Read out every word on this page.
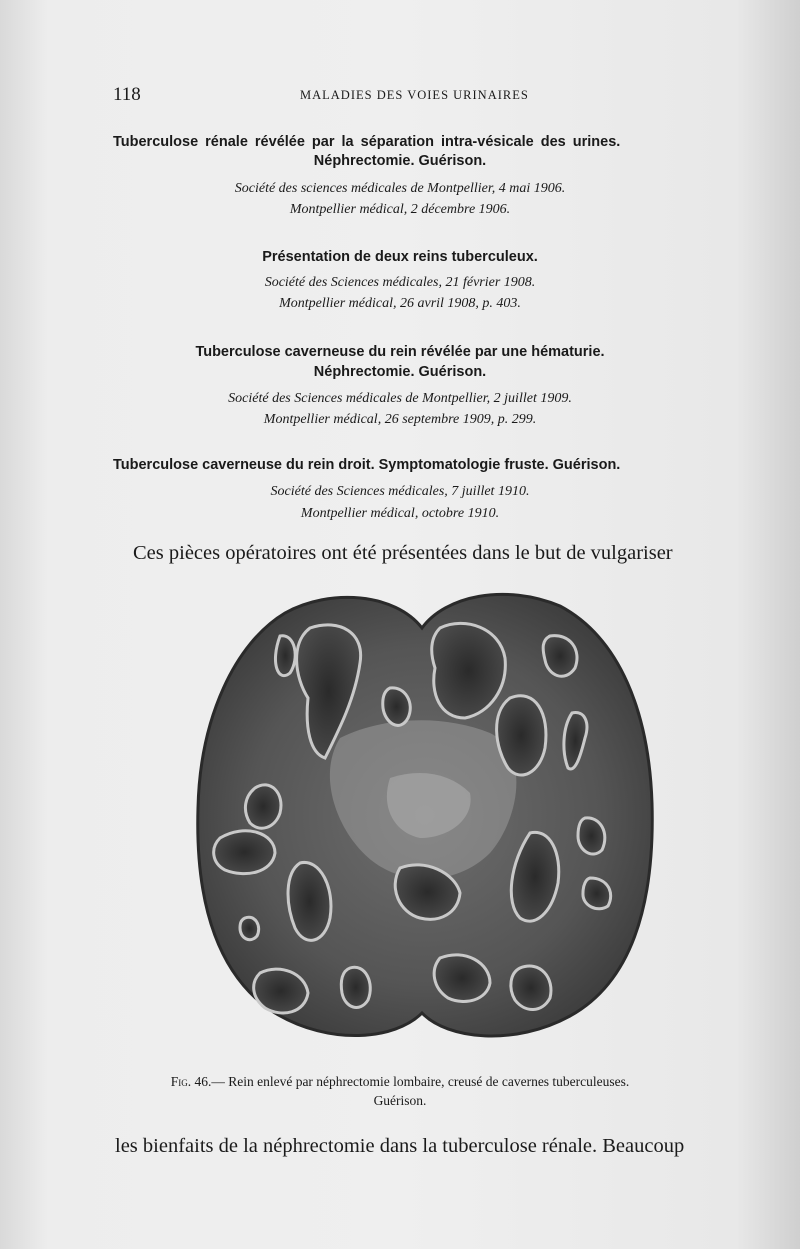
118	MALADIES DES VOIES URINAIRES
Tuberculose rénale révélée par la séparation intra-vésicale des urines.
Néphrectomie. Guérison.
Société des sciences médicales de Montpellier, 4 mai 1906.
Montpellier médical, 2 décembre 1906.
Présentation de deux reins tuberculeux.
Société des Sciences médicales, 21 février 1908.
Montpellier médical, 26 avril 1908, p. 403.
Tuberculose caverneuse du rein révélée par une hématurie.
Néphrectomie. Guérison.
Société des Sciences médicales de Montpellier, 2 juillet 1909.
Montpellier médical, 26 septembre 1909, p. 299.
Tuberculose caverneuse du rein droit. Symptomatologie fruste. Guérison.
Société des Sciences médicales, 7 juillet 1910.
Montpellier médical, octobre 1910.
Ces pièces opératoires ont été présentées dans le but de vulgariser
Fig. 46.— Rein enlevé par néphrectomie lombaire, creusé de cavernes tuberculeuses.
Guérison.
les bienfaits de la néphrectomie dans la tuberculose rénale. Beaucoup
